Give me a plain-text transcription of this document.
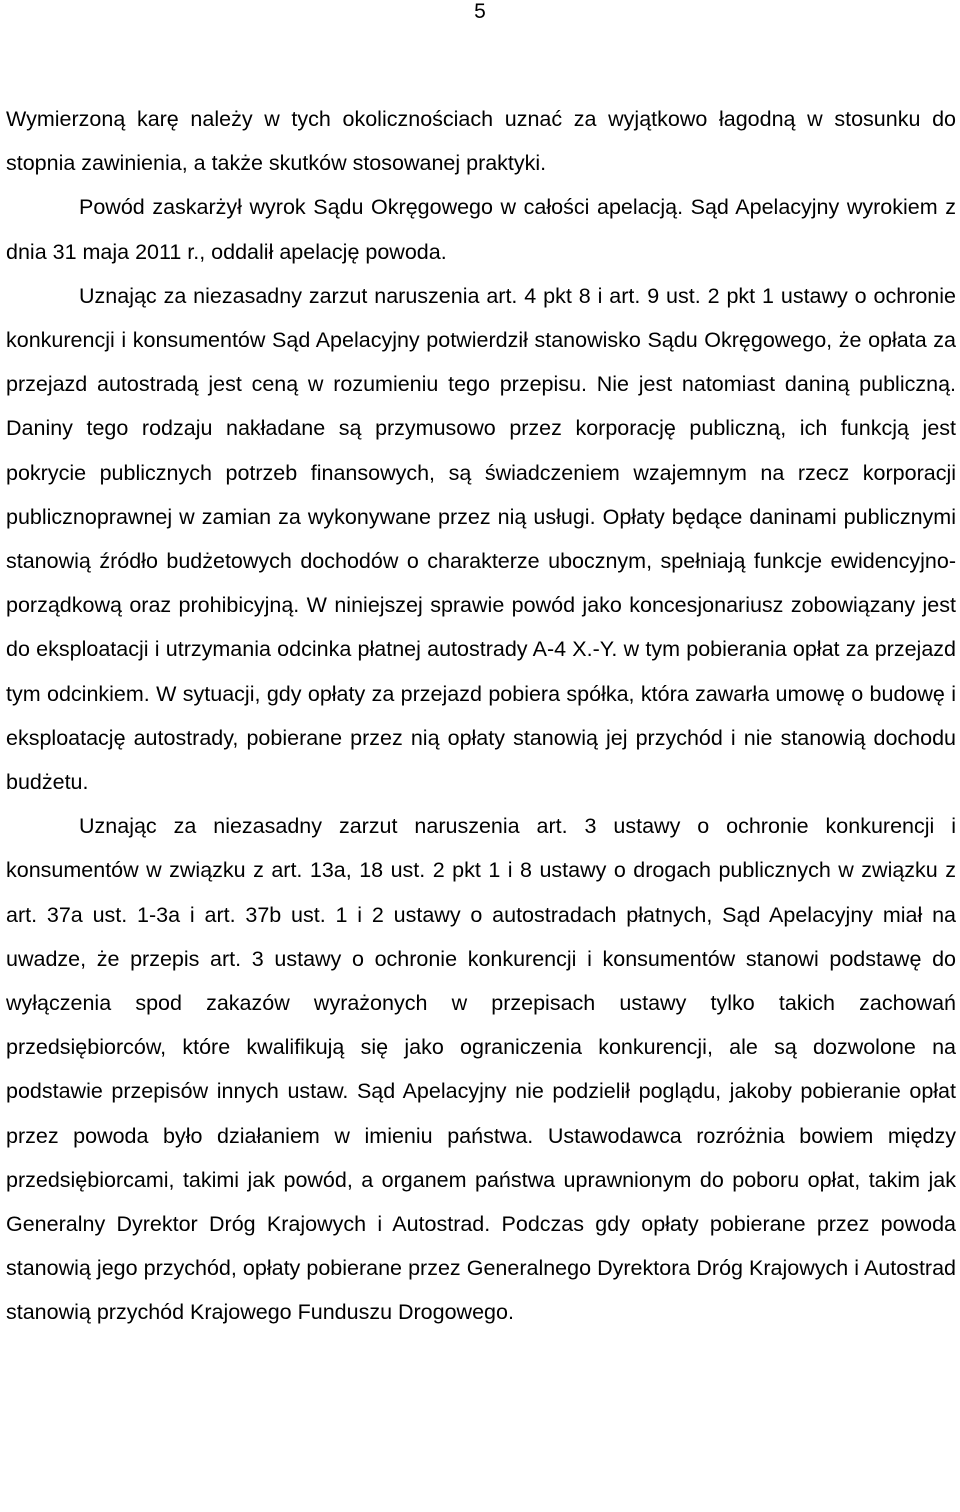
5

Wymierzoną karę należy w tych okolicznościach uznać za wyjątkowo łagodną w stosunku do stopnia zawinienia, a także skutków stosowanej praktyki.

Powód zaskarżył wyrok Sądu Okręgowego w całości apelacją. Sąd Apelacyjny wyrokiem z dnia 31 maja 2011 r., oddalił apelację powoda.

Uznając za niezasadny zarzut naruszenia art. 4 pkt 8 i art. 9 ust. 2 pkt 1 ustawy o ochronie konkurencji i konsumentów Sąd Apelacyjny potwierdził stanowisko Sądu Okręgowego, że opłata za przejazd autostradą jest ceną w rozumieniu tego przepisu. Nie jest natomiast daniną publiczną. Daniny tego rodzaju nakładane są przymusowo przez korporację publiczną, ich funkcją jest pokrycie publicznych potrzeb finansowych, są świadczeniem wzajemnym na rzecz korporacji publicznoprawnej w zamian za wykonywane przez nią usługi. Opłaty będące daninami publicznymi stanowią źródło budżetowych dochodów o charakterze ubocznym, spełniają funkcje ewidencyjno-porządkową oraz prohibicyjną. W niniejszej sprawie powód jako koncesjonariusz zobowiązany jest do eksploatacji i utrzymania odcinka płatnej autostrady A-4 X.-Y. w tym pobierania opłat za przejazd tym odcinkiem. W sytuacji, gdy opłaty za przejazd pobiera spółka, która zawarła umowę o budowę i eksploatację autostrady, pobierane przez nią opłaty stanowią jej przychód i nie stanowią dochodu budżetu.

Uznając za niezasadny zarzut naruszenia art. 3 ustawy o ochronie konkurencji i konsumentów w związku z art. 13a, 18 ust. 2 pkt 1 i 8 ustawy o drogach publicznych w związku z art. 37a ust. 1-3a i art. 37b ust. 1 i 2 ustawy o autostradach płatnych, Sąd Apelacyjny miał na uwadze, że przepis art. 3 ustawy o ochronie konkurencji i konsumentów stanowi podstawę do wyłączenia spod zakazów wyrażonych w przepisach ustawy tylko takich zachowań przedsiębiorców, które kwalifikują się jako ograniczenia konkurencji, ale są dozwolone na podstawie przepisów innych ustaw. Sąd Apelacyjny nie podzielił poglądu, jakoby pobieranie opłat przez powoda było działaniem w imieniu państwa. Ustawodawca rozróżnia bowiem między przedsiębiorcami, takimi jak powód, a organem państwa uprawnionym do poboru opłat, takim jak Generalny Dyrektor Dróg Krajowych i Autostrad. Podczas gdy opłaty pobierane przez powoda stanowią jego przychód, opłaty pobierane przez Generalnego Dyrektora Dróg Krajowych i Autostrad stanowią przychód Krajowego Funduszu Drogowego.
